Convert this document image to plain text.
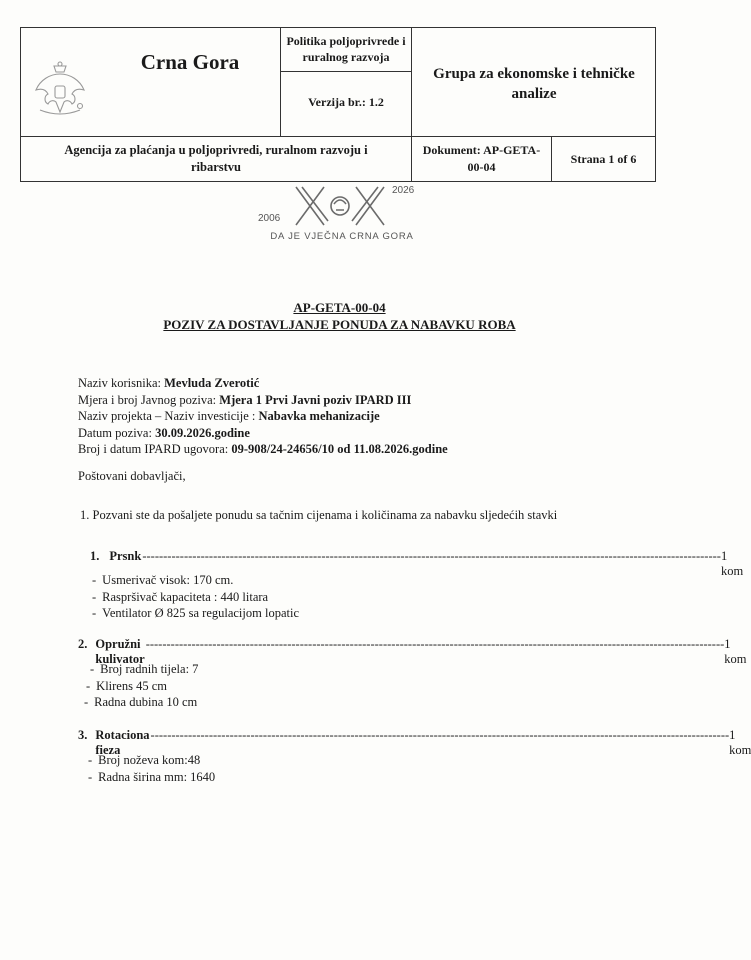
Crna Gora
Politika poljoprivrede i ruralnog razvoja
Verzija br.: 1.2
Grupa za ekonomske i tehničke analize
Agencija za plaćanja u poljoprivredi, ruralnom razvoju i ribarstvu
Dokument: AP-GETA-00-04
Strana 1 of 6
2006
2026
DA JE VJEČNA CRNA GORA
AP-GETA-00-04
POZIV ZA DOSTAVLJANJE PONUDA ZA NABAVKU ROBA
Naziv korisnika: Mevluda Zverotić
Mjera i broj Javnog poziva: Mjera 1 Prvi Javni poziv IPARD III
Naziv projekta – Naziv investicije : Nabavka mehanizacije
Datum poziva: 30.09.2026.godine
Broj i datum IPARD ugovora: 09-908/24-24656/10 od 11.08.2026.godine
Poštovani dobavljači,
1. Pozvani ste da pošaljete ponudu sa tačnim cijenama i količinama za nabavku sljedećih stavki
1. Prsnk ------------------------------------------------------------------------------------------------------------------------------------------- 1 kom
- Usmerivač visok: 170 cm.
- Raspršivač kapaciteta : 440 litara
- Ventilator Ø 825 sa regulacijom lopatic
2. Opružni kulivator
------------------------------------------------------------------------------------------------------------------------------------------- 1 kom
- Broj radnih tijela: 7
- Klirens 45 cm
- Radna dubina 10 cm
3. Rotaciona fieza
------------------------------------------------------------------------------------------------------------------------------------------- 1 kom
- Broj noževa kom:48
- Radna širina mm: 1640
